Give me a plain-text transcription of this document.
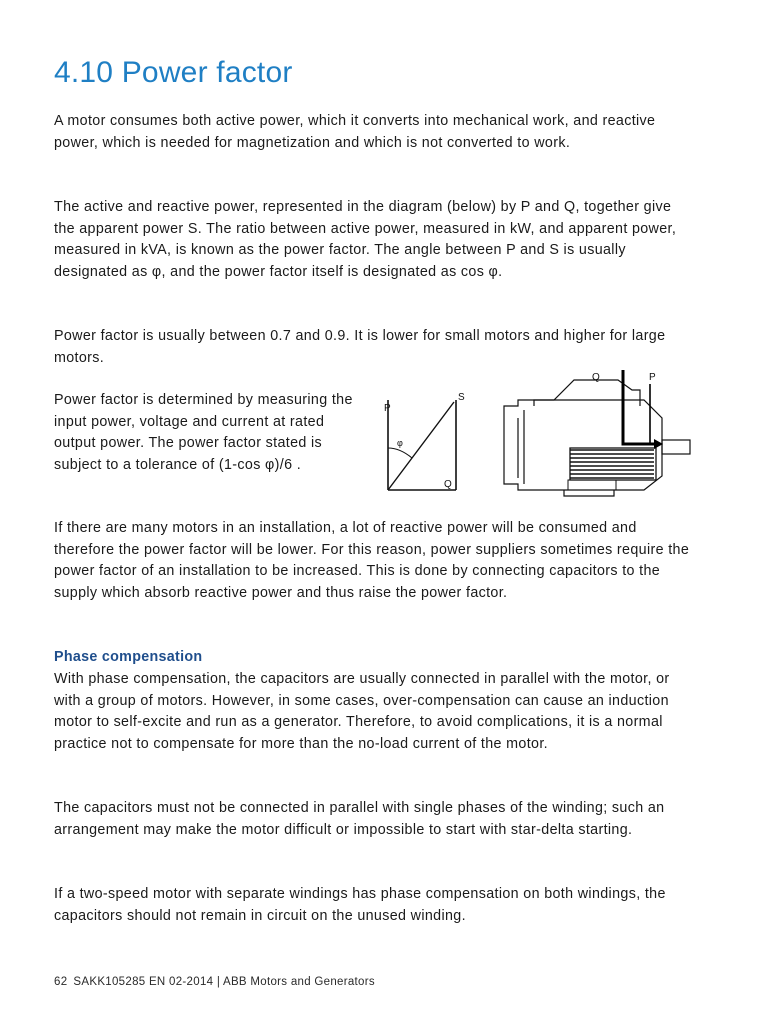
4.10 Power factor

A motor consumes both active power, which it converts into mechanical work, and reactive power, which is needed for magnetization and which is not converted to work.

The active and reactive power, represented in the diagram (below) by P and Q, together give the apparent power S. The ratio between active power, measured in kW, and apparent power, measured in kVA, is known as the power factor. The angle between P and S is usually designated as φ, and the power factor itself is designated as cos φ.

Power factor is usually between 0.7 and 0.9. It is lower for small motors and higher for large motors.

Power factor is determined by measuring the input power, voltage and current at rated output power. The power factor stated is subject to a tolerance of (1-cos φ)/6 .

P
S
Q
φ
Q	P

If there are many motors in an installation, a lot of reactive power will be consumed and therefore the power factor will be lower. For this reason, power suppliers sometimes require the power factor of an installation to be increased. This is done by connecting capacitors to the supply which absorb reactive power and thus raise the power factor.

Phase compensation

With phase compensation, the capacitors are usually connected in parallel with the motor, or with a group of motors. However, in some cases, over-compensation can cause an induction motor to self-excite and run as a generator. Therefore, to avoid complications, it is a normal practice not to compensate for more than the no-load current of the motor.

The capacitors must not be connected in parallel with single phases of the winding; such an arrangement may make the motor difficult or impossible to start with star-delta starting.

If a two-speed motor with separate windings has phase compensation on both windings, the capacitors should not remain in circuit on the unused winding.

62 SAKK105285 EN 02-2014 | ABB Motors and Generators
